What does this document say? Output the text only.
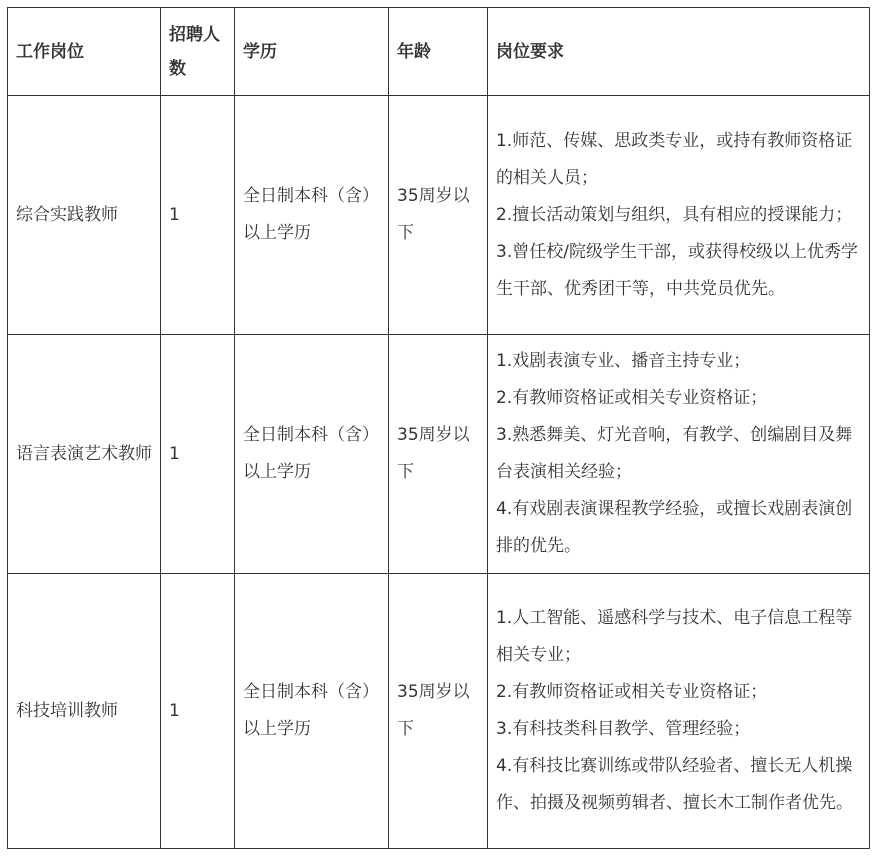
工作岗位	招聘人数	学历	年龄	岗位要求
综合实践教师	1	全日制本科（含）以上学历	35周岁以下	1.师范、传媒、思政类专业，或持有教师资格证的相关人员；
2.擅长活动策划与组织，具有相应的授课能力；
3.曾任校/院级学生干部，或获得校级以上优秀学生干部、优秀团干等，中共党员优先。

语言表演艺术教师	1	全日制本科（含）以上学历	35周岁以下	1.戏剧表演专业、播音主持专业；
2.有教师资格证或相关专业资格证；
3.熟悉舞美、灯光音响，有教学、创编剧目及舞台表演相关经验；
4.有戏剧表演课程教学经验，或擅长戏剧表演创排的优先。

科技培训教师	1	全日制本科（含）以上学历	35周岁以下	1.人工智能、遥感科学与技术、电子信息工程等相关专业；
2.有教师资格证或相关专业资格证；
3.有科技类科目教学、管理经验；
4.有科技比赛训练或带队经验者、擅长无人机操作、拍摄及视频剪辑者、擅长木工制作者优先。
